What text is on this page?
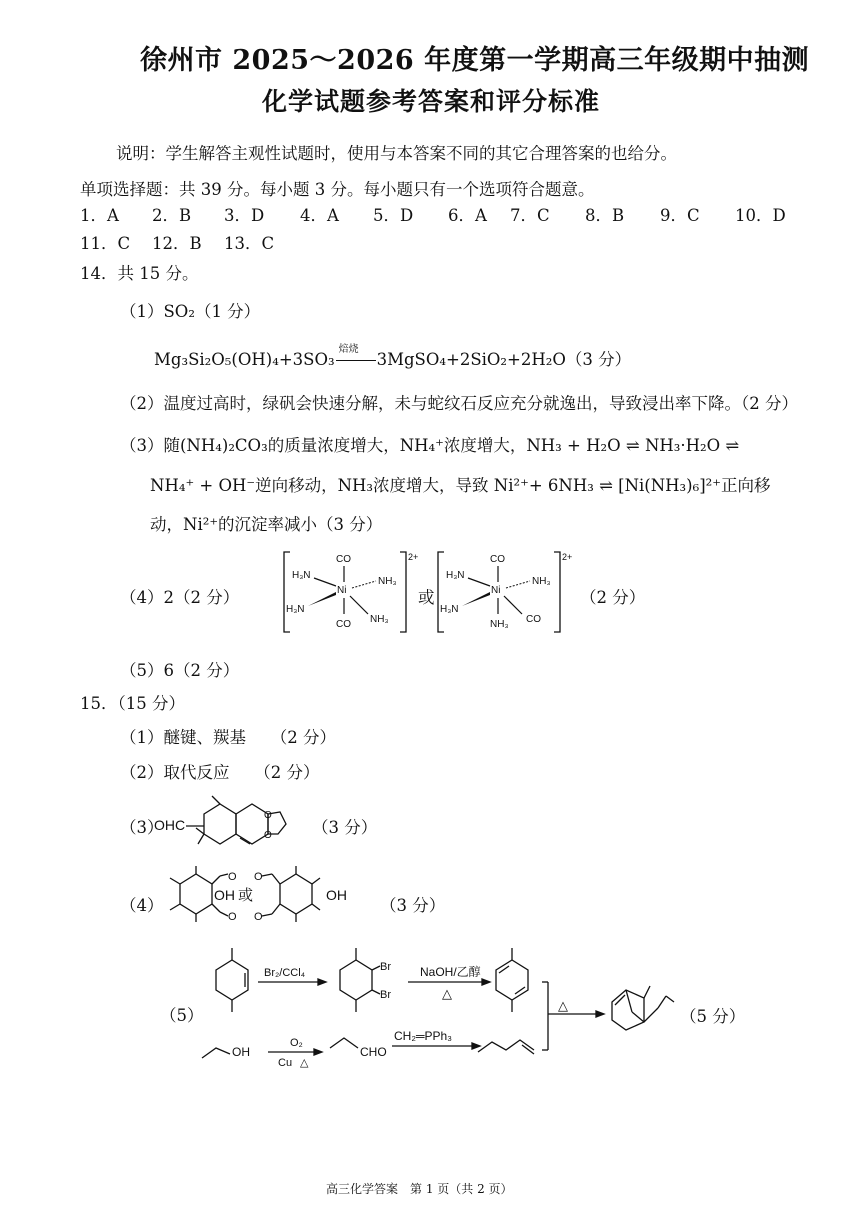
徐州市 2025～2026 年度第一学期高三年级期中抽测
化学试题参考答案和评分标准
说明：学生解答主观性试题时，使用与本答案不同的其它合理答案的也给分。
单项选择题：共 39 分。每小题 3 分。每小题只有一个选项符合题意。
1．A 2．B 3．D 4．A 5．D 6．A 7．C 8．B 9．C 10．D
11．C 12．B 13．C
14．共 15 分。
（1）SO₂（1 分）
Mg₃Si₂O₅(OH)₄+3SO₃
焙烧
3MgSO₄+2SiO₂+2H₂O（3 分）
（2）温度过高时，绿矾会快速分解，未与蛇纹石反应充分就逸出，导致浸出率下降。（2 分）
（3）随(NH₄)₂CO₃的质量浓度增大，NH₄⁺浓度增大，NH₃ + H₂O ⇌ NH₃·H₂O ⇌
NH₄⁺ + OH⁻逆向移动，NH₃浓度增大，导致 Ni²⁺+ 6NH₃ ⇌ [Ni(NH₃)₆]²⁺正向移
动，Ni²⁺的沉淀率减小（3 分）
（4）2（2 分）
2+
CO
Ni
CO
H₃N
NH₃
H₃N
NH₃
2+
CO
Ni
NH₃
H₃N
NH₃
H₃N
CO
或	（2 分）
（5）6（2 分）
15．（15 分）
（1）醚键、羰基　　（2 分）
（2）取代反应　　（2 分）
（3）
O
O
OHC	（3 分）
（4）
O
O
OH 或
O
O
OH
（3 分）
（5）
Br₂/CCl₄	Br
Br
NaOH/乙醇
△
△
OH
O₂
Cu △
CHO
CH₂═PPh₃
（5 分）
高三化学答案　第 1 页（共 2 页）
